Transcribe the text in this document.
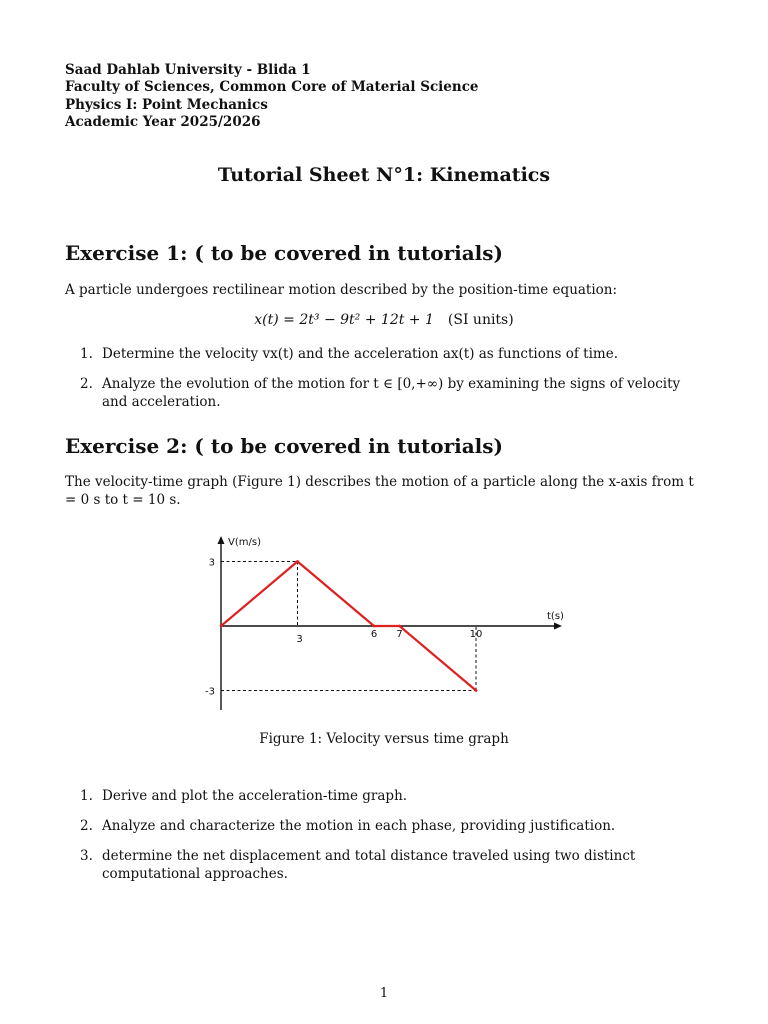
Saad Dahlab University - Blida 1
Faculty of Sciences, Common Core of Material Science
Physics I: Point Mechanics
Academic Year 2025/2026
Tutorial Sheet N°1: Kinematics
Exercise 1: ( to be covered in tutorials)
A particle undergoes rectilinear motion described by the position-time equation:
x(t) = 2t³ − 9t² + 12t + 1 (SI units)
1. Determine the velocity vx(t) and the acceleration ax(t) as functions of time.
2. Analyze the evolution of the motion for t ∈ [0,+∞) by examining the signs of velocity and acceleration.
Exercise 2: ( to be covered in tutorials)
The velocity-time graph (Figure 1) describes the motion of a particle along the x-axis from t = 0 s to t = 10 s.
V(m/s)
t(s)
3	6 7	10
3
-3
Figure 1: Velocity versus time graph
1. Derive and plot the acceleration-time graph.
2. Analyze and characterize the motion in each phase, providing justification.
3. determine the net displacement and total distance traveled using two distinct computational approaches.
1
